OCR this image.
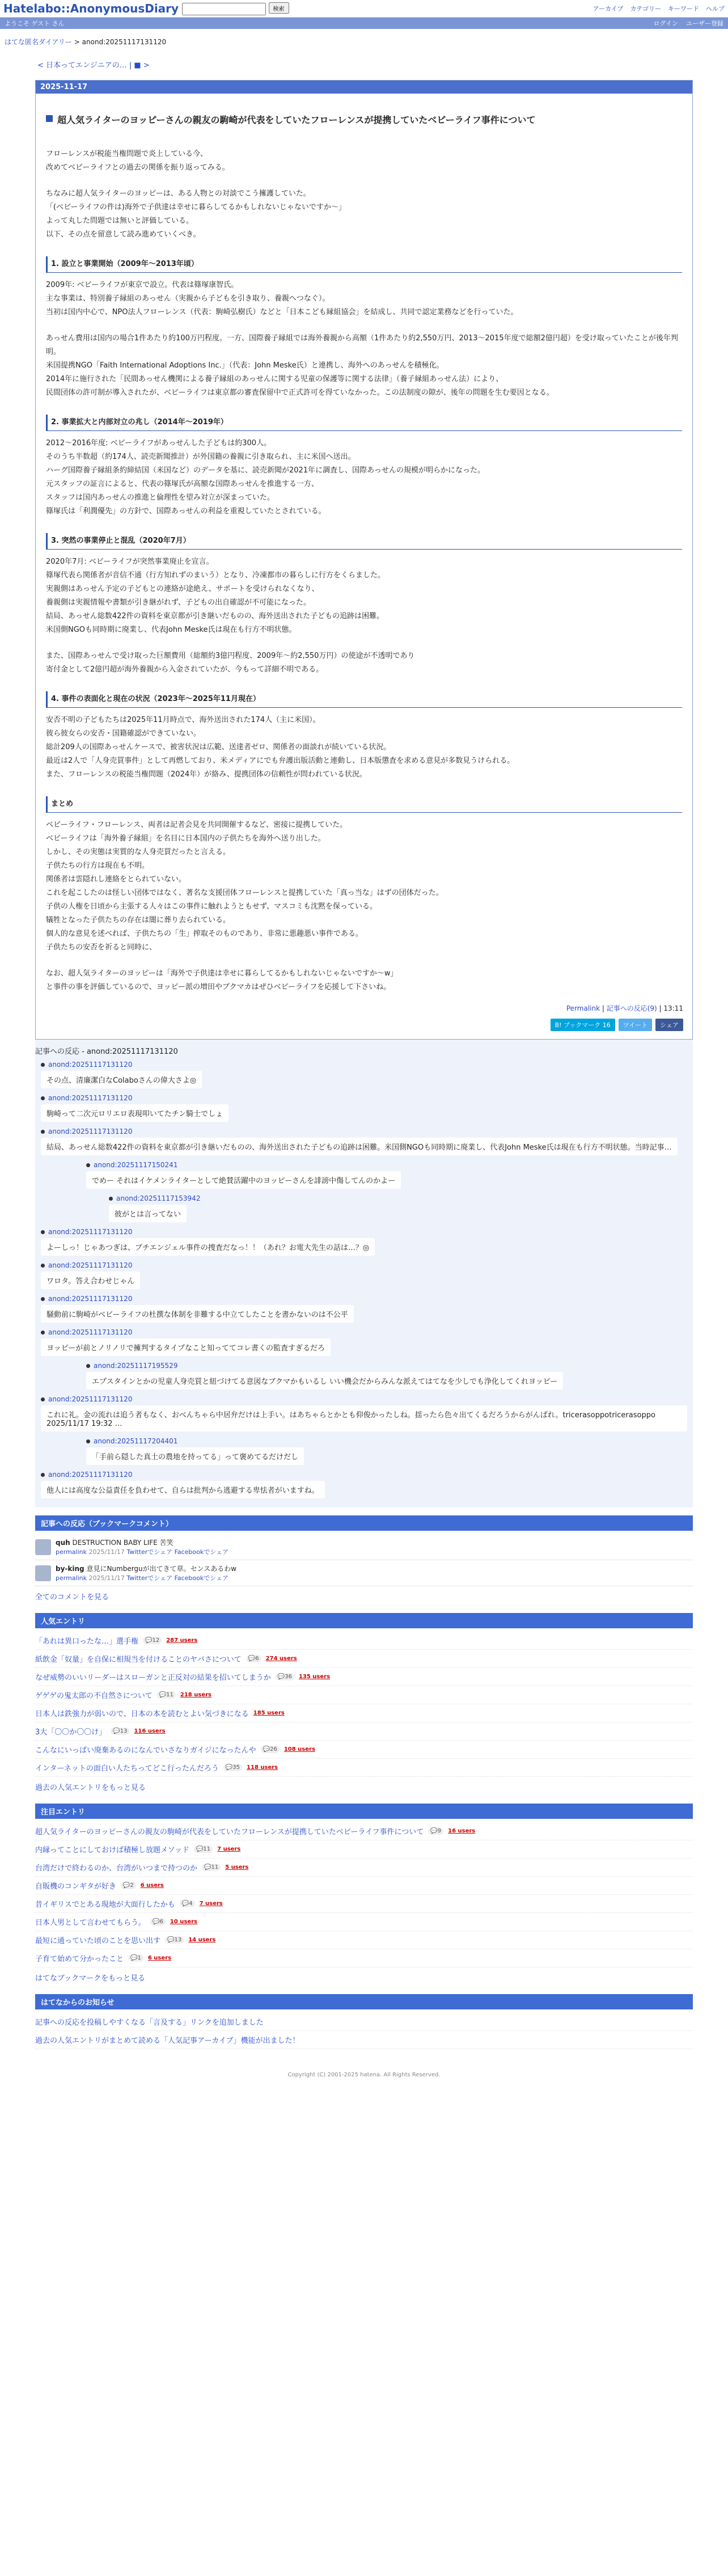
Hatelabo::AnonymousDiary	検索	アーカイブ カテゴリー キーワード ヘルプ
ようこそ ゲスト さん	ログイン ユーザー登録
はてな匿名ダイアリー > anond:20251117131120
< 日本ってエンジニアの… | ■ >
2025-11-17
超人気ライターのヨッピーさんの親友の駒崎が代表をしていたフローレンスが提携していたベビーライフ事件について

フローレンスが税能当権問題で炎上している今、

改めてベビーライフとの過去の関係を振り返ってみる。

ちなみに超人気ライターのヨッピーは、ある人物との対談でこう擁護していた。

「(ベビーライフの件は)海外で子供達は幸せに暮らしてるかもしれないじゃないですか〜」

よって丸した問題では無いと評価している。

以下、その点を留意して読み進めていくべき。

1. 設立と事業開始（2009年〜2013年頃）

2009年: ベビーライフが東京で設立。代表は篠塚康智氏。

主な事業は、特別養子縁組のあっせん（実親から子どもを引き取り、養親へつなぐ）。

当初は国内中心で、NPO法人フローレンス（代表：駒崎弘樹氏）などと「日本こども縁組協会」を結成し、共同で認定業務などを行っていた。

あっせん費用は国内の場合1件あたり約100万円程度。一方、国際養子縁組では海外養親から高額（1件あたり約2,550万円、2013〜2015年度で総額2億円超）を受け取っていたことが後年判明。

米国提携NGO「Faith International Adoptions Inc.」（代表：John Meske氏）と連携し、海外へのあっせんを積極化。

2014年に施行された「民間あっせん機関による養子縁組のあっせんに関する児童の保護等に関する法律」（養子縁組あっせん法）により、

民間団体の許可制が導入されたが、ベビーライフは東京都の審査保留中で正式許可を得ていなかった。この法制度の隙が、後年の問題を生む要因となる。

2. 事業拡大と内部対立の兆し（2014年〜2019年）

2012〜2016年度: ベビーライフがあっせんした子どもは約300人。

そのうち半数超（約174人、読売新聞推計）が外国籍の養親に引き取られ、主に米国へ送出。

ハーグ国際養子縁組条約締結国（米国など）のデータを基に、読売新聞が2021年に調査し、国際あっせんの規模が明らかになった。

元スタッフの証言によると、代表の篠塚氏が高額な国際あっせんを推進する一方、

スタッフは国内あっせんの推進と倫理性を望み対立が深まっていた。

篠塚氏は「利潤優先」の方針で、国際あっせんの利益を重視していたとされている。

3. 突然の事業停止と混乱（2020年7月）

2020年7月: ベビーライフが突然事業廃止を宣言。

篠塚代表ら関係者が音信不通（行方知れずのまいう）となり、冷凍都市の暮らしに行方をくらました。

実親側はあっせん予定の子どもとの連絡が途絶え、サポートを受けられなくなり、

養親側は実親情報や書類が引き継がれず、子どもの出自確認が不可能になった。

結局、あっせん総数422件の資料を東京都が引き継いだものの、海外送出された子どもの追跡は困難。

米国側NGOも同時期に廃業し、代表John Meske氏は現在も行方不明状態。

また、国際あっせんで受け取った巨額費用（総額約3億円程度、2009年〜約2,550万円）の使途が不透明であり

寄付金として2億円超が海外養親から入金されていたが、今もって詳細不明である。

4. 事件の表面化と現在の状況（2023年〜2025年11月現在）

安否不明の子どもたちは2025年11月時点で、海外送出された174人（主に米国）。

彼ら彼女らの安否・国籍確認ができていない。

総計209人の国際あっせんケースで、被害状況は広範、送達者ゼロ、関係者の面談れが続いている状況。

最近は2人で「人身売買事件」として再燃しており、米メディアにでも弁護出版活動と連動し、日本版懲査を求める意見が多数見うけられる。

また、フローレンスの税能当権問題（2024年）が絡み、提携団体の信頼性が問われている状況。

まとめ

ベビーライフ・フローレンス、両者は記者会見を共同開催するなど、密接に提携していた。

ベビーライフは「海外養子縁組」を名目に日本国内の子供たちを海外へ送り出した。

しかし、その実態は実質的な人身売買だったと言える。

子供たちの行方は現在も不明。

関係者は雲隠れし連絡をとられていない。

これを起こしたのは怪しい団体ではなく、著名な支援団体フローレンスと提携していた「真っ当な」はずの団体だった。

子供の人権を日頃から主張する人々はこの事件に触れようともせず、マスコミも沈黙を保っている。

犠牲となった子供たちの存在は闇に葬り去られている。

個人的な意見を述べれば、子供たちの「生」搾取そのものであり、非常に悪趣悪い事件である。

子供たちの安否を祈ると同時に、

なお、超人気ライターのヨッピーは「海外で子供達は幸せに暮らしてるかもしれないじゃないですか〜w」

と事件の事を評価しているので、ヨッピー派の増田やブクマカはぜひベビーライフを応援して下さいね。

Permalink | 記事への反応(9) | 13:11
B! ブックマーク 16	ツイート	シェア
記事への反応 - anond:20251117131120
anond:20251117131120
その点、清廉潔白なColaboさんの偉大さよ◎
anond:20251117131120
駒崎って二次元ロリエロ表現叩いてたチン騎士でしょ
anond:20251117131120
結局、あっせん総数422件の資料を東京都が引き継いだものの、海外送出された子どもの追跡は困難。米国側NGOも同時期に廃業し、代表John Meske氏は現在も行方不明状態。当時記事…
anond:20251117150241
でめー それはイケメンライターとして絶賛活躍中のヨッピーさんを誹謗中傷してんのかよー
anond:20251117153942
彼がとは言ってない
anond:20251117131120
よーしっ！じゃあつぎは、ブチエンジェル事件の捜査だなっ！！（あれ？お電大先生の話は…？◎
anond:20251117131120
ワロタ。答え合わせじゃん
anond:20251117131120
騒動前に駒崎がベビーライフの杜撰な体制を非難する中立てしたことを書かないのは不公平
anond:20251117131120
ヨッピーが前とノリノリで擁判するタイプなこと知っててコレ書くの監査すぎるだろ
anond:20251117195529
エプスタインとかの児童人身売買と紐づけてる意図なブクマかもいるし いい機会だからみんな派えてはてなを少しでも浄化してくれヨッピー
anond:20251117131120
これに礼。金の流れは追う者もなく、おべんちゃら中居弁だけは上手い。はあちゃらとかとも仰俊かったしね。揺ったら色々出てくるだろうからがんばれ。tricerasoppotricerasoppo 2025/11/17 19:32 …
anond:20251117204401
「手前ら隠した真土の農地を持ってる」って褒めてるだけだし
anond:20251117131120
他人には高度な公益責任を負わせて、自らは批判から逃避する卑怯者がいますね。
記事への反応（ブックマークコメント）
quh DESTRUCTION BABY LIFE 苦笑
permalink 2025/11/17 Twitterでシェア Facebookでシェア
by-king 意見にNumberguが出てきて草。センスあるわw
permalink 2025/11/17 Twitterでシェア Facebookでシェア
全てのコメントを見る
人気エントリ
「あれは異口ったな…」選手権	💬12	287 users
紙飲金「奴量」を自保に相規当を付けることのヤバさについて	💬6	274 users
なぜ威勢のいいリーダーはスローガンと正反対の結果を招いてしまうか	💬36	135 users
ゲゲゲの鬼太郎の不自然さについて	💬11	218 users
日本人は鉄強力が弱いので、日本の本を読むとよい気づきになる 185 users
3大「〇〇か〇〇け」	💬13	116 users
こんなにいっぱい廃棄あるのになんでいさなりガイジになったんや	💬26	108 users
インターネットの面白い人たちってどこ行ったんだろう	💬35	118 users
過去の人気エントリをもっと見る
注目エントリ
超人気ライターのヨッピーさんの親友の駒崎が代表をしていたフローレンスが提携していたベビーライフ事件について	💬9	16 users
内縁ってことにしておけば積極し放題メソッド	💬11	7 users
台湾だけで終わるのか、台湾がいつまで持つのか	💬11	5 users
自販機のコンギタが好き	💬2	6 users
昔イギリスでとある現地が大面行したかも	💬4	7 users
日本人男として言わせてもらう。	💬6	10 users
最短に通っていた頃のことを思い出す	💬13	14 users
子育て始めて分かったこと	💬1	6 users
はてなブックマークをもっと見る
はてなからのお知らせ
記事への反応を投稿しやすくなる「言及する」リンクを追加しました
過去の人気エントリがまとめて読める「人気記事アーカイブ」機能が出ました！
Copyright (C) 2001-2025 hatena. All Rights Reserved.
